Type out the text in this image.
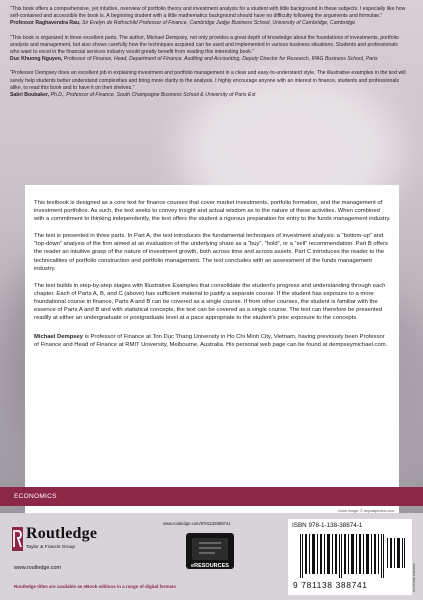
“This book offers a comprehensive, yet intuitive, overview of portfolio theory and investment analysis for a student with little background in these subjects. I especially like how self-contained and accessible the book is. A beginning student with a little mathematics background should have no difficulty following the arguments and formulae.”

Professor Raghavendra Rau, Sir Evelyn de Rothschild Professor of Finance, Cambridge Judge Business School, University of Cambridge, Cambridge

“This book is organized in three excellent parts. The author, Michael Dempsey, not only provides a great depth of knowledge about the foundations of investments, portfolio analysis and management, but also shows carefully how the techniques acquired can be used and implemented in various business situations. Students and professionals who want to excel in the financial services industry would greatly benefit from reading this interesting book.”

Duc Khuong Nguyen, Professor of Finance, Head, Department of Finance, Auditing and Accounting, Deputy Director for Research, IPAG Business School, Paris

“Professor Dempsey does an excellent job in explaining investment and portfolio management in a clear and easy-to-understand style. The illustrative examples in the text will surely help students better understand complexities and bring more clarity to the analysis. I highly encourage anyone with an interest in finance, students and professionals alike, to read this book and to have it on their shelves.”

Sabri Boubaker, Ph.D., Professor of Finance, South Champagne Business School & University of Paris Est

This textbook is designed as a core text for finance courses that cover market investments, portfolio formation, and the management of investment portfolios. As such, the text seeks to convey insight and actual wisdom as to the nature of these activities. When combined with a commitment to thinking independently, the text offers the student a rigorous preparation for entry to the funds management industry.

The text is presented in three parts. In Part A, the text introduces the fundamental techniques of investment analysis: a “bottom-up” and “top-down” analysis of the firm aimed at an evaluation of the underlying share as a “buy”, “hold”, or a “sell” recommendation. Part B offers the reader an intuitive grasp of the nature of investment growth, both across time and across assets. Part C introduces the reader to the technicalities of portfolio construction and portfolio management. The text concludes with an assessment of the funds management industry.

The text builds in step-by-step stages with Illustrative Examples that consolidate the student’s progress and understanding through each chapter. Each of Parts A, B, and C (above) has sufficient material to justify a separate course. If the student has exposure to a more foundational course in finance, Parts A and B can be covered as a single course. If from other courses, the student is familiar with the essence of Parts A and B and with statistical concepts, the text can be covered as a single course. The text can therefore be presented readily at either an undergraduate or postgraduate level at a pace appropriate to the student’s prior exposure to the concepts.

Michael Dempsey is Professor of Finance at Ton Duc Thang University in Ho Chi Minh City, Vietnam, having previously been Professor of Finance and Head of Finance at RMIT University, Melbourne, Australia. His personal web page can be found at dempseymichael.com.

ECONOMICS
Cover image: © depositphotos.com
Routledge
Taylor & Francis Group
www.routledge.com
Routledge titles are available as eBook editions in a range of digital formats
www.routledge.com/9781138388741
eRESOURCES
ISBN 978-1-138-38874-1
9 781138 388741	an informa business
